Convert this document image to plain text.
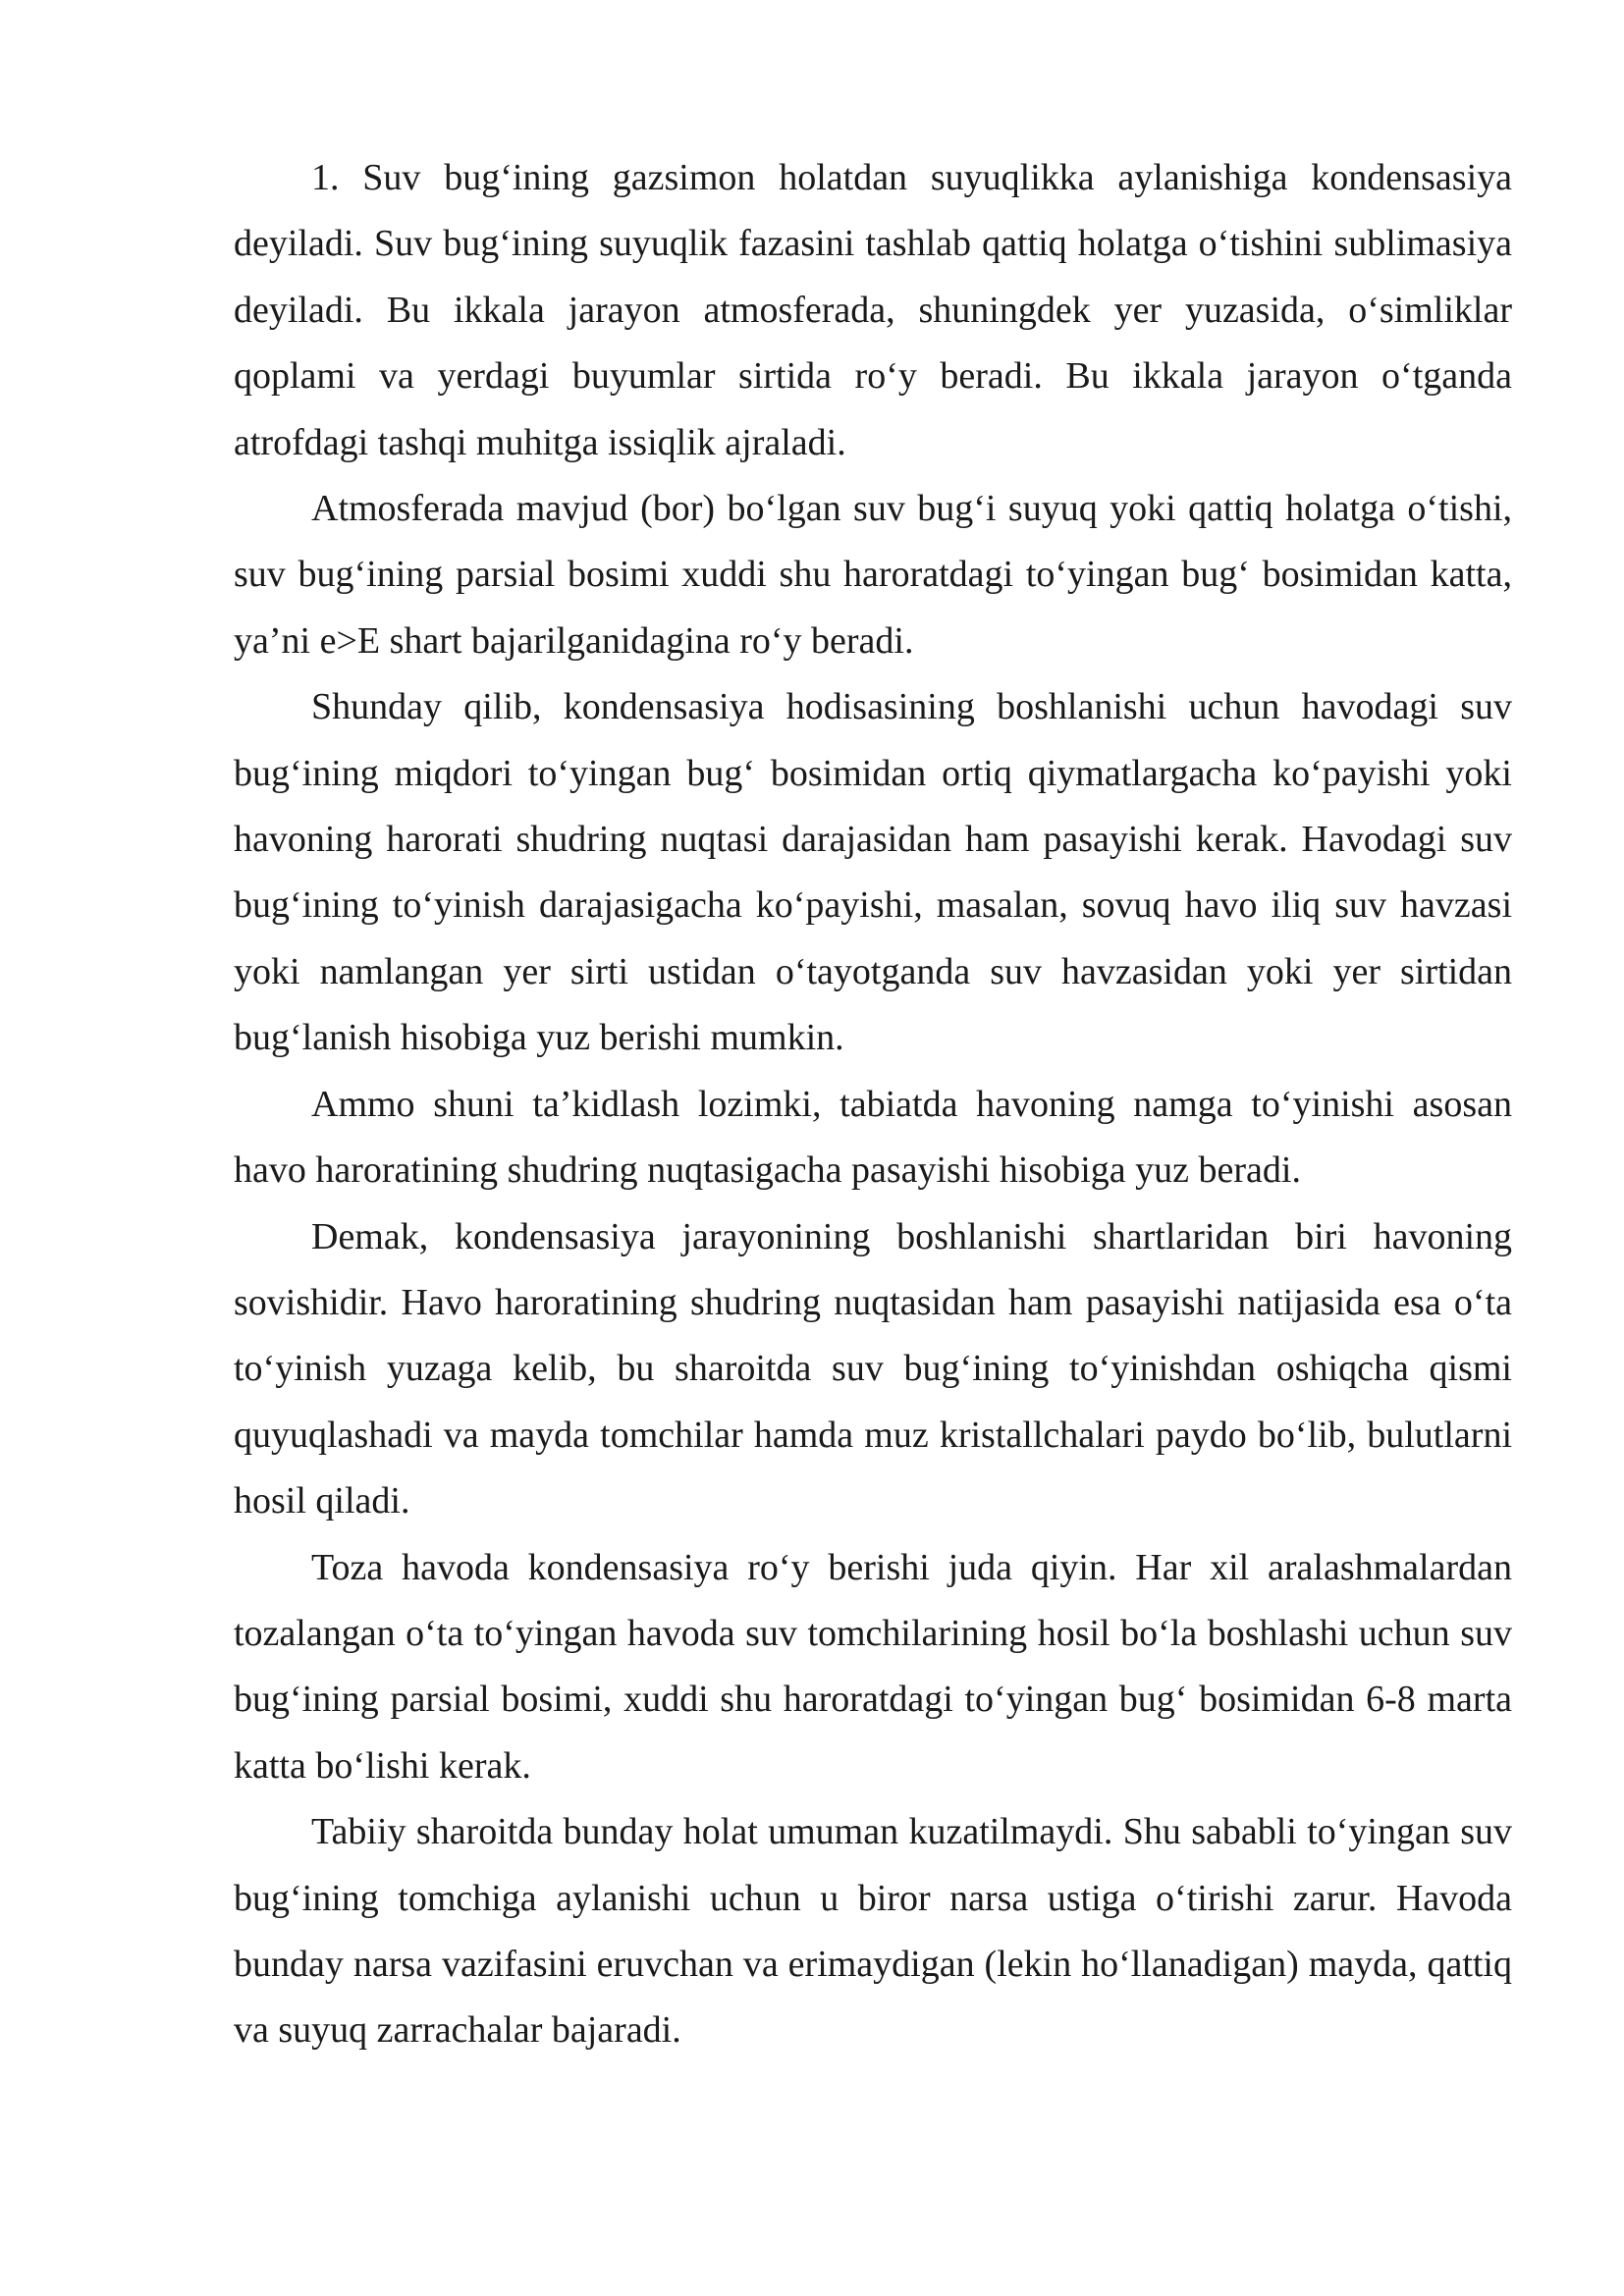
1. Suv bug‘ining gazsimon holatdan suyuqlikka aylanishiga kondensasiya deyiladi. Suv bug‘ining suyuqlik fazasini tashlab qattiq holatga o‘tishini sublimasiya deyiladi. Bu ikkala jarayon atmosferada, shuningdek yer yuzasida, o‘simliklar qoplami va yerdagi buyumlar sirtida ro‘y beradi. Bu ikkala jarayon o‘tganda atrofdagi tashqi muhitga issiqlik ajraladi.

Atmosferada mavjud (bor) bo‘lgan suv bug‘i suyuq yoki qattiq holatga o‘tishi, suv bug‘ining parsial bosimi xuddi shu haroratdagi to‘yingan bug‘ bosimidan katta, ya’ni e>E shart bajarilganidagina ro‘y beradi.

Shunday qilib, kondensasiya hodisasining boshlanishi uchun havodagi suv bug‘ining miqdori to‘yingan bug‘ bosimidan ortiq qiymatlargacha ko‘payishi yoki havoning harorati shudring nuqtasi darajasidan ham pasayishi kerak. Havodagi suv bug‘ining to‘yinish darajasigacha ko‘payishi, masalan, sovuq havo iliq suv havzasi yoki namlangan yer sirti ustidan o‘tayotganda suv havzasidan yoki yer sirtidan bug‘lanish hisobiga yuz berishi mumkin.

Ammo shuni ta’kidlash lozimki, tabiatda havoning namga to‘yinishi asosan havo haroratining shudring nuqtasigacha pasayishi hisobiga yuz beradi.

Demak, kondensasiya jarayonining boshlanishi shartlaridan biri havoning sovishidir. Havo haroratining shudring nuqtasidan ham pasayishi natijasida esa o‘ta to‘yinish yuzaga kelib, bu sharoitda suv bug‘ining to‘yinishdan oshiqcha qismi quyuqlashadi va mayda tomchilar hamda muz kristallchalari paydo bo‘lib, bulutlarni hosil qiladi.

Toza havoda kondensasiya ro‘y berishi juda qiyin. Har xil aralashmalardan tozalangan o‘ta to‘yingan havoda suv tomchilarining hosil bo‘la boshlashi uchun suv bug‘ining parsial bosimi, xuddi shu haroratdagi to‘yingan bug‘ bosimidan 6-8 marta katta bo‘lishi kerak.

Tabiiy sharoitda bunday holat umuman kuzatilmaydi. Shu sababli to‘yingan suv bug‘ining tomchiga aylanishi uchun u biror narsa ustiga o‘tirishi zarur. Havoda bunday narsa vazifasini eruvchan va erimaydigan (lekin ho‘llanadigan) mayda, qattiq va suyuq zarrachalar bajaradi.
